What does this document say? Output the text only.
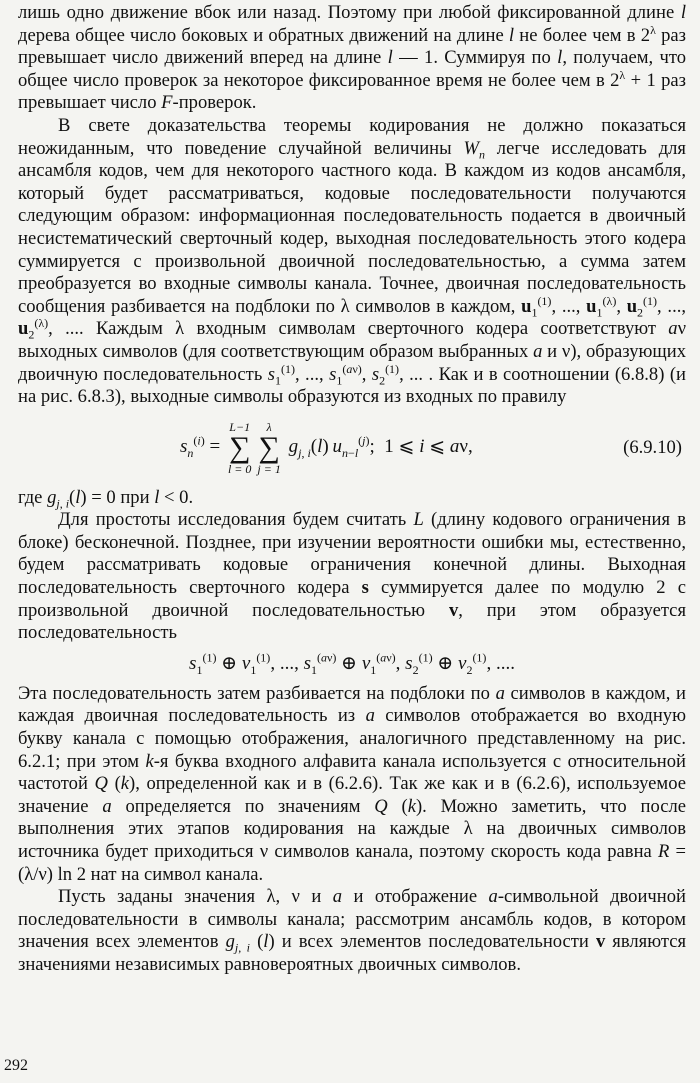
лишь одно движение вбок или назад. Поэтому при любой фиксированной длине l дерева общее число боковых и обратных движений на длине l не более чем в $2^\lambda$ раз превышает число движений вперед на длине l — 1. Суммируя по l, получаем, что общее число проверок за некоторое фиксированное время не более чем в $2^\lambda + 1$ раз превышает число F-проверок.

В свете доказательства теоремы кодирования не должно показаться неожиданным, что поведение случайной величины $W_n$ легче исследовать для ансамбля кодов, чем для некоторого частного кода. В каждом из кодов ансамбля, который будет рассматриваться, кодовые последовательности получаются следующим образом: информационная последовательность подается в двоичный несистематический сверточный кодер, выходная последовательность этого кодера суммируется с произвольной двоичной последовательностью, а сумма затем преобразуется во входные символы канала. Точнее, двоичная последовательность сообщения разбивается на подблоки по λ символов в каждом, $u_1^{(1)}$, ..., $u_1^{(\lambda)}$, $u_2^{(1)}$, ..., $u_2^{(\lambda)}$, .... Каждым λ входным символам сверточного кодера соответствуют aν выходных символов (для соответствующим образом выбранных a и ν), образующих двоичную последовательность $s_1^{(1)}$, ..., $s_1^{(a\nu)}$, $s_2^{(1)}$, ... . Как и в соотношении (6.8.8) (и на рис. 6.8.3), выходные символы образуются из входных по правилу

$s_n^{(i)}$ =
L−1
∑
l = 0
λ
∑
j = 1
$g_{j, i}(l)$ $u_{n-l}^{(j)}$; 1 ⩽ i ⩽ aν,	(6.9.10)

где $g_{j, i}(l) = 0$ при l < 0.

Для простоты исследования будем считать L (длину кодового ограничения в блоке) бесконечной. Позднее, при изучении вероятности ошибки мы, естественно, будем рассматривать кодовые ограничения конечной длины. Выходная последовательность сверточного кодера s суммируется далее по модулю 2 с произвольной двоичной последовательностью v, при этом образуется последовательность

$s_1^{(1)}$ ⊕ $v_1^{(1)}$, ..., $s_1^{(a\nu)}$ ⊕ $v_1^{(a\nu)}$, $s_2^{(1)}$ ⊕ $v_2^{(1)}$, ....

Эта последовательность затем разбивается на подблоки по a символов в каждом, и каждая двоичная последовательность из a символов отображается во входную букву канала с помощью отображения, аналогичного представленному на рис. 6.2.1; при этом k-я буква входного алфавита канала используется с относительной частотой Q (k), определенной как и в (6.2.6). Так же как и в (6.2.6), используемое значение a определяется по значениям Q (k). Можно заметить, что после выполнения этих этапов кодирования на каждые λ на двоичных символов источника будет приходиться ν символов канала, поэтому скорость кода равна R = (λ/ν) ln 2 нат на символ канала.

Пусть заданы значения λ, ν и a и отображение a-символьной двоичной последовательности в символы канала; рассмотрим ансамбль кодов, в котором значения всех элементов $g_{j, i}$ (l) и всех элементов последовательности v являются значениями независимых равновероятных двоичных символов.

292
